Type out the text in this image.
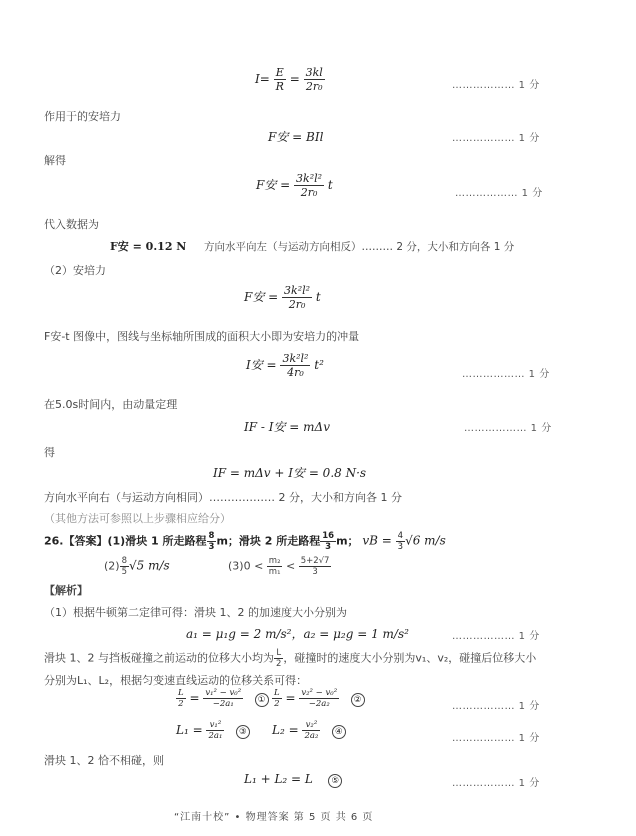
$I= \frac{E}{R} = \frac{3kl}{\text{2r₀}}$	……………… 1 分
作用于的安培力
F安 = BIl	……………… 1 分
解得
F安 = $\frac{\text{3k²l²}}{\text{2r₀}}$ t
……………… 1 分
代入数据为
F安 = 0.12 N 方向水平向左（与运动方向相反）……… 2 分，大小和方向各 1 分
（2）安培力
F安 = $\frac{\text{3k²l²}}{\text{2r₀}}$ t
F安-t 图像中，图线与坐标轴所围成的面积大小即为安培力的冲量
I安 = $\frac{\text{3k²l²}}{\text{4r₀}} t^2$
……………… 1 分
在5.0s时间内，由动量定理
IF - I安 = mΔv	……………… 1 分
得
IF = mΔv + I安 = 0.8 N·s
方向水平向右（与运动方向相同）……………… 2 分，大小和方向各 1 分
（其他方法可参照以上步骤相应给分）
26.【答案】(1)滑块 1 所走路程 $\frac{8}{3}$ m；滑块 2 所走路程 $\frac{16}{3}$ m； vB = $\frac{4}{3} √6$ m/s
$(2) \frac{8}{5} √5$ m/s	$(3)0 < \frac{\text{m₂}}{\text{m₁}} < \frac{5+2√7}{3}$
【解析】
（1）根据牛顿第二定律可得：滑块 1、2 的加速度大小分别为
a₁ = μ₁g = 2 m/s²，a₂ = μ₂g = 1 m/s²	……………… 1 分
滑块 1、2 与挡板碰撞之前运动的位移大小均为 $\frac{L}{2}$ ，碰撞时的速度大小分别为v₁、v₂，碰撞后位移大小
分别为L₁、L₂，根据匀变速直线运动的位移关系可得：
$\frac{L}{2} = \frac{\text{v₁² − v₀²}}{\text{−2a₁}}$ ① $\frac{L}{2} = \frac{\text{v₂² − v₀²}}{\text{−2a₂}}$ ②
……………… 1 分
$L_1 = \frac{\text{v₁²}}{\text{2a₁}}$ ③ $L_2 = \frac{\text{v₂²}}{\text{2a₂}}$ ④
……………… 1 分
滑块 1、2 恰不相碰，则
L₁ + L₂ = L ⑤	……………… 1 分
“江南十校” • 物理答案 第 5 页 共 6 页
